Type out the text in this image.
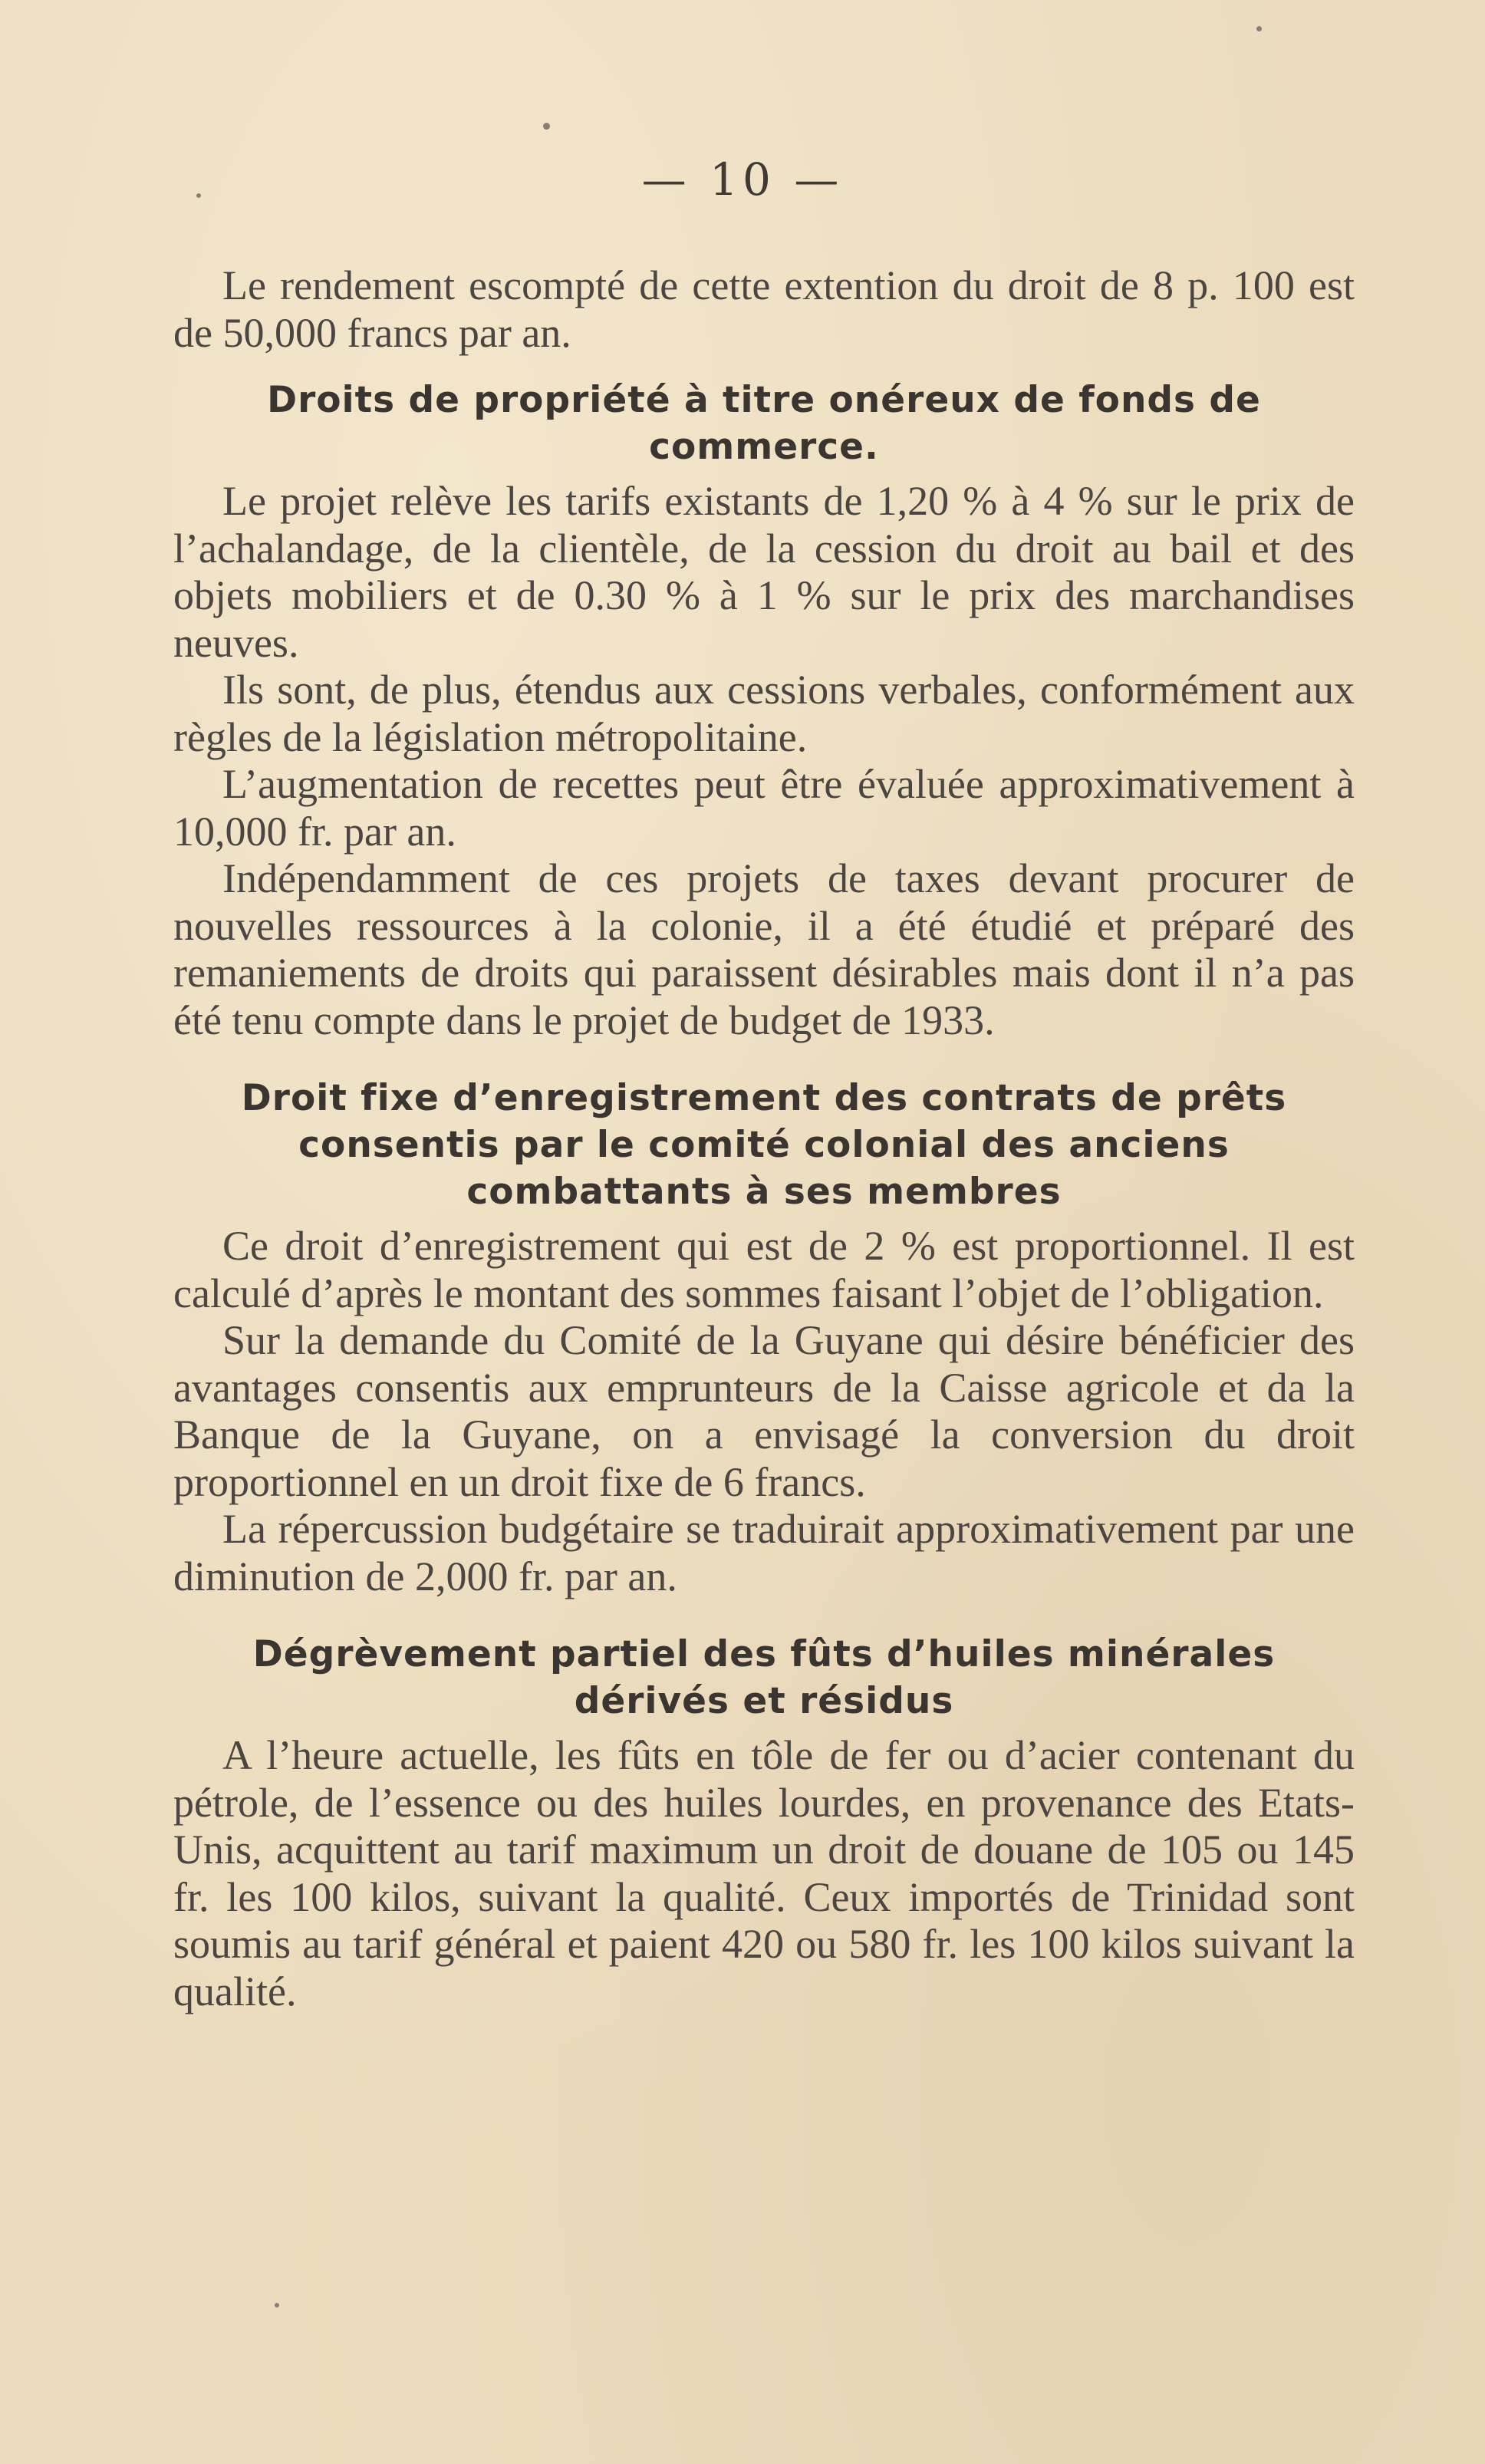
— 10 —

Le rendement escompté de cette extention du droit de 8 p. 100 est de 50,000 francs par an.

Droits de propriété à titre onéreux de fonds de commerce.

Le projet relève les tarifs existants de 1,20 % à 4 % sur le prix de l’achalandage, de la clientèle, de la cession du droit au bail et des objets mobiliers et de 0.30 % à 1 % sur le prix des marchandises neuves.

Ils sont, de plus, étendus aux cessions verbales, conformément aux règles de la législation métropolitaine.

L’augmentation de recettes peut être évaluée approximativement à 10,000 fr. par an.

Indépendamment de ces projets de taxes devant procurer de nouvelles ressources à la colonie, il a été étudié et préparé des remaniements de droits qui paraissent désirables mais dont il n’a pas été tenu compte dans le projet de budget de 1933.

Droit fixe d’enregistrement des contrats de prêts consentis par le comité colonial des anciens combattants à ses membres

Ce droit d’enregistrement qui est de 2 % est proportionnel. Il est calculé d’après le montant des sommes faisant l’objet de l’obligation.

Sur la demande du Comité de la Guyane qui désire bénéficier des avantages consentis aux emprunteurs de la Caisse agricole et da la Banque de la Guyane, on a envisagé la conversion du droit proportionnel en un droit fixe de 6 francs.

La répercussion budgétaire se traduirait approximativement par une diminution de 2,000 fr. par an.

Dégrèvement partiel des fûts d’huiles minérales dérivés et résidus

A l’heure actuelle, les fûts en tôle de fer ou d’acier contenant du pétrole, de l’essence ou des huiles lourdes, en provenance des Etats-Unis, acquittent au tarif maximum un droit de douane de 105 ou 145 fr. les 100 kilos, suivant la qualité. Ceux importés de Trinidad sont soumis au tarif général et paient 420 ou 580 fr. les 100 kilos suivant la qualité.
